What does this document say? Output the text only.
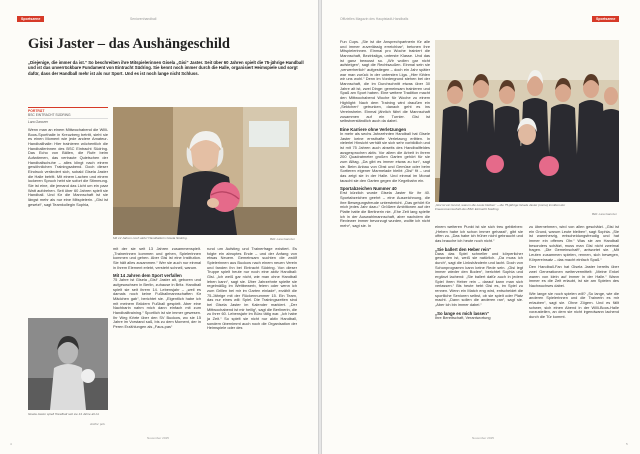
Sportszene	Seniorenhandball
Gisi Jaster – das Aushängeschild
„Diejenige, die immer da ist.“ So beschreiben ihre Mitspielerinnen Gisela „Gisi“ Jaster. Seit über 60 Jahren spielt die 75-jährige Handball und ist das unverrückbare Fundament von Eintracht Südring. Sie kennt noch immer durch die Halle, organisiert Heimspiele und sorgt dafür, dass der Handball mehr ist als nur Sport. Und es ist noch lange nicht Schluss.
PORTRÄT
BSC EINTRACHT SÜDRING
Lara Ganczer

Wenn man an einem Mittwochabend die Willi-Boos-Sporthalle in Kreuzberg betritt, sieht sie es einen Moment wie jede andere Amateur-Handballhalle: Hier trainieren wöchentlich die Handballerinnen des BSC Eintracht Südring. Das Echo von Bällen, die Rufe beim Aufwärmen, das vertraute Quietschen der Handballschuhe – alles klingt nach einem gewöhnlichen Trainingsabend. Doch dieser Eindruck verändert sich, sobald Gisela Jaster die Halle betritt. Mit einem Lachen und einem lockeren Spruch hebt sie sofort die Stimmung. Sie ist eine, die jemand das Licht um ein paar Watt aufdrehen. Seit über 60 Jahren spielt sie Handball. Und für die Mannschaft ist sie längst mehr als nur eine Mitspielerin. „Gisi ist gesetzt“, sagt Teamkollegin Sophia,

Mit 12 Jahren noch aktiv! Handballerin Gisela Südring.	Bild: Lara Ganczer
Gisela Jaster spielt Handball seit sie 14 Jahre alt ist.
Archiv: priv.

mit der sie seit 13 Jahren zusammenspielt. „Trainerinnen kommen und gehen, Spielerinnen kommen und gehen. Aber Gisi ist eine Institution. Sie hält alles zusammen.“ Wer sie auch nur einmal in Ihrem Element erlebt, versteht schnell, warum.

Mit 14 Jahren dem Sport verfallen

75 Jahre ist Gisela „Gisi“ Jaster alt, geboren und aufgewachsen in Berlin, zuhause in Britz. Handball spielt sie seit ihrem 14. Lebensjahr – „weil es damals noch keine Fußballmannschaften für Mädchen gab“, berichtet sie. „Eigentlich habe ich mit meinem Brüdern Fußball gespielt. Aber eine Nachbarin nahm mich dann einfach mit zum Handballtraining.“ Sportlich ist sie immer gewesen. Ihr Weg führte über den SV Buckow, wo sie 15 Jahre im Vorstand saß, bis zu dem Moment, der in Peren Erzählungen als „Faus-pas“

rund um Aufstieg und Trainerfrage existiert. Es folgte ein abruptes Ende – und der Anfang von etwas Neuem. Gemeinsam suchten die zwölf Spielerinnen aus Buckow nach einem neuen Verein und fanden ihn bei Eintracht Südring. Von dieser Truppe spielt heute nur noch eine aktiv Handball: Gisi. „Ich weiß gar nicht, wie man ohne Handball leben kann“, sagt sie. Über Jahrzehnte spielte sie regelmäßig im Wettbewerb, feiern oder wenn ich zum Grillen bei mir im Garten einlade“, erzählt die 75-Jährige mit der Rückennummer 15. Ein Team, das nur eines will: Spiel. Die Trainingszeiten sind bei Gisela Jaster im Kalender markiert. „Der Mittwochabend ist mir heilig“, sagt die Berlinerin, die zu ihrer 60. Lebensjahr im Büro tätig war. „Ich habe ja Zeit.“ So spielt sie nicht nur aktiv Handball, sondern übernimmt auch noch die Organisation der Heimspiele oder des

November 2025
4
Offizielles Magazin des Hauptstadt-Handballs	Sportszene

Fun Cups. „Sie ist die Ansprechpartnerin für alle und immer zuverlässig erreichbar“, betonen ihre Mitspielerinnen. Einmal pro Woche trainiert die Mannschaft, Bezirksliga, unterste Klasse. Und das ist ganz bewusst so. „Wir wollen gar nicht aufsteigen“, sagt die Rechtsaußen. Einmal sein sie „verwerherlich“ aufgestiegen – doch ein Jahr später war man zurück in der untersten Liga. „Hier fühlen wir uns wohl.“ Denn im Vordergrund stehen bei der Mannschaft, die im Durchschnitt etwas über 30 Jahre alt ist, zwei Dinge: gemeinsam trainieren und Spaß am Sport haben. Eine weitere Tradition macht den Mittwochabend Woche für Woche zu einem Highlight: Nach dem Training wird draußen ein „Sektchen“ getrunken, danach geht es ins Vereinsheim. Einmal jährlich fährt die Mannschaft zusammen auf ein Turnier. Gisi ist selbstverständlich auch da dabei.

Eine Karriere ohne Verletzungen

In mehr als sechs Jahrzehnten Handball hat Gisele Jaster keine ernsthafte Verletzung erlitten. In vielerlei Hinsicht verhält sie sich sehr vorbildlich und ist mit 75 Jahren auch abseits des Handballfeldes ausgesprochen aktiv. Vor allem die Arbeit in ihrem 200 Quadratmeter großen Garten gehört für sie zum Alltag. „Da gibt es immer etwas zu tun“, sagt sie. Beim Anbau von Obst und Gemüse oder beim Sortieren eigener Marmelade bleibt „Gisi“ fit – und das zeigt sie in der Halle. Und einmal im Monat tauscht sie den Garten gegen die Kegelbahn ein.

Sportabzeichen Nummer 40

Erst kürzlich wurde Gisela Jaster für ihr 40. Sportabzeichen geehrt – eine Auszeichnung, die ihre Bewegungsfreude unterstreicht. „Das gehört für mich jedes Jahr dazu.“ Größere Ambitionen auf der Platte hatte die Berlinerin nie. „Ehe Zeit lang spielte ich in der Auswahlmannschaft, aber nachdem die Reviewer immer bevorzugt wurden, wollte ich nicht mehr“, sagt sie. In

„Gisi ist ein Grund, warum die Leute bleiben“ – die 75-jährige Gisela Jaster (vorne) inmitten der Frauenmannschaft des BSC Eintracht Südring.
Bild: Lara Ganczer

einem weiteren Punkt ist sie sich treu geblieben: „Heben habe ich schon immer gehasst“, gibt sie offen zu. „Das habe ich früher nicht gebraucht und das brauche ich heute noch nicht.“

„Sie ballert den Heber rein“

Dass das Spiel schneller und körperlicher geworden ist, weiß sie natürlich. „Da muss ich durch“, sagt die Linkshänderin und lacht. Doch von Schonprogramm kann keine Rede sein. „Gisi legt immer wieder den Boden“, berichtet Sophia und ergänzt lachend: „Sie ballert dafür auch in jedem Spiel ihren Heber rein – darauf kann man sich verlassen.“ Bis heute hebt Gisi es, im Spiel zu rennen. Wenn ein Match eng wird, entscheidet die sportliche Senioren selbst, ob sie spielt oder Platz macht. „Dann sollen die anderen ran“, sagt sie. „Aber ich bin immer dabei.“

„So lange es mich lassen“

Ihre Bereitschaft, Verantwortung

zu übernehmen, wird von allen geschätzt. „Gisi ist ein Grund, warum Leute bleiben“, sagt Sophia. „Sie ist warmherzig, entscheidungsfreudig und hat immer ein offenes Ohr.“ Was sie am Handball besonders schätzt, muss man Gisi nicht zweimal fragen. „Die Gemeinschaft“, antwortet sie. „Mit Leuten zusammen spielen, rennen, sich bewegen, Körpereinsatz – das macht einfach Spaß.“

Den Handball-Fan hat Gisela Jaster bereits über zwei Generationen weitervermittelt: „Meine Enkel waren von klein auf immer in der Halle.“ Wann immer es die Zeit erlaubt, ist sie am Spielen des Nachwuchses dabei.

Wie lange sie noch spielen will? „So lange, wie die anderen Spielerinnen und die Trainerin es mir erlauben“, sagt sie. Ohne Zögern. Und es fällt schwer, sich einen Abend in der Willi-Boos-Halle vorzustellen, an dem sie nicht irgendwann lachend durch die Tür kommt.

November 2025
5
